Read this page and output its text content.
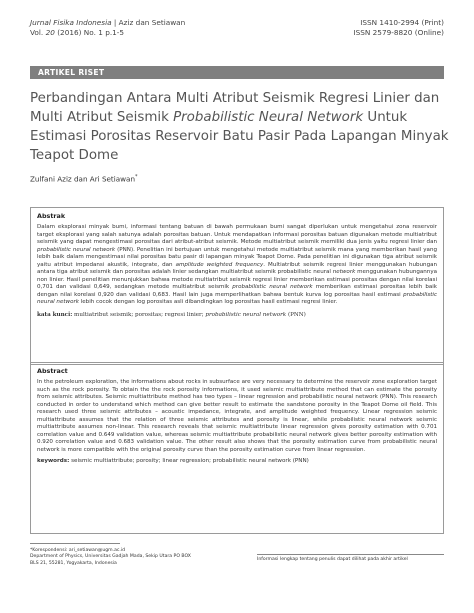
Jurnal Fisika Indonesia | Aziz dan Setiawan
Vol. 20 (2016) No. 1 p.1-5
ISSN 1410-2994 (Print)
ISSN 2579-8820 (Online)
ARTIKEL RISET
Perbandingan Antara Multi Atribut Seismik Regresi Linier dan Multi Atribut Seismik Probabilistic Neural Network Untuk Estimasi Porositas Reservoir Batu Pasir Pada Lapangan Minyak Teapot Dome
Zulfani Aziz dan Ari Setiawan*
Abstrak
Dalam eksplorasi minyak bumi, informasi tentang batuan di bawah permukaan bumi sangat diperlukan untuk mengetahui zona reservoir target eksplorasi yang salah satunya adalah porositas batuan. Untuk mendapatkan informasi porositas batuan digunakan metode multiatribut seismik yang dapat mengestimasi porositas dari atribut-atribut seismik. Metode multiatribut seismik memiliki dua jenis yaitu regresi linier dan probabilistic neural network (PNN). Penelitian ini bertujuan untuk mengetahui metode multiatribut seismik mana yang memberikan hasil yang lebih baik dalam mengestimasi nilai porositas batu pasir di lapangan minyak Teapot Dome. Pada penelitian ini digunakan tiga atribut seismik yaitu atribut impedansi akustik, integrate, dan amplitude weighted frequency. Multiatribut seismik regresi linier menggunakan hubungan antara tiga atribut seismik dan porositas adalah linier sedangkan multiatribut seismik probabilistic neural network menggunakan hubungannya non linier. Hasil penelitian menunjukkan bahwa metode multiatribut seismik regresi linier memberikan estimasi porositas dengan nilai korelasi 0,701 dan validasi 0,649, sedangkan metode multiatribut seismik probabilistic neural network memberikan estimasi porositas lebih baik dengan nilai korelasi 0,920 dan validasi 0,683. Hasil lain juga memperlihatkan bahwa bentuk kurva log porositas hasil estimasi probabilistic neural network lebih cocok dengan log porositas asli dibandingkan log porositas hasil estimasi regresi linier.
kata kunci: multiatribut seismik; porositas; regresi linier; probabilistic neural network (PNN)
Abstract
In the petroleum exploration, the informations about rocks in subsurface are very necessary to determine the reservoir zone exploration target such as the rock porosity. To obtain the the rock porosity informations, it used seismic multiattribute method that can estimate the porosity from seismic attributes. Seismic multiattribute method has two types – linear regression and probabilistic neural network (PNN). This research conducted in order to understand which method can give better result to estimate the sandstone porosity in the Teapot Dome oil field. This research used three seismic attributes – acoustic impedance, integrate, and amplitude weighted frequency. Linear regression seismic multiattribute assumes that the relation of three seismic attributes and porosity is linear, while probabilistic neural network seismic multiattribute assumes non-linear. This research reveals that seismic multiattribute linear regression gives porosity estimation with 0.701 correlation value and 0.649 validation value, whereas seismic multiattribute probabilistic neural network gives better porosity estimation with 0.920 correlation value and 0.683 validation value. The other result also shows that the porosity estimation curve from probabilistic neural network is more compatible with the original porosity curve than the porosity estimation curve from linear regression.
keywords: seismic multiattribute; porosity; linear regression; probabilistic neural network (PNN)
*Korespondensi: ari_setiawan@ugm.ac.id
Department of Physics, Universitas Gadjah Mada, Sekip Utara PO BOX
BLS 21, 55281, Yogyakarta, Indonesia
Informasi lengkap tentang penulis dapat dilihat pada akhir artikel
